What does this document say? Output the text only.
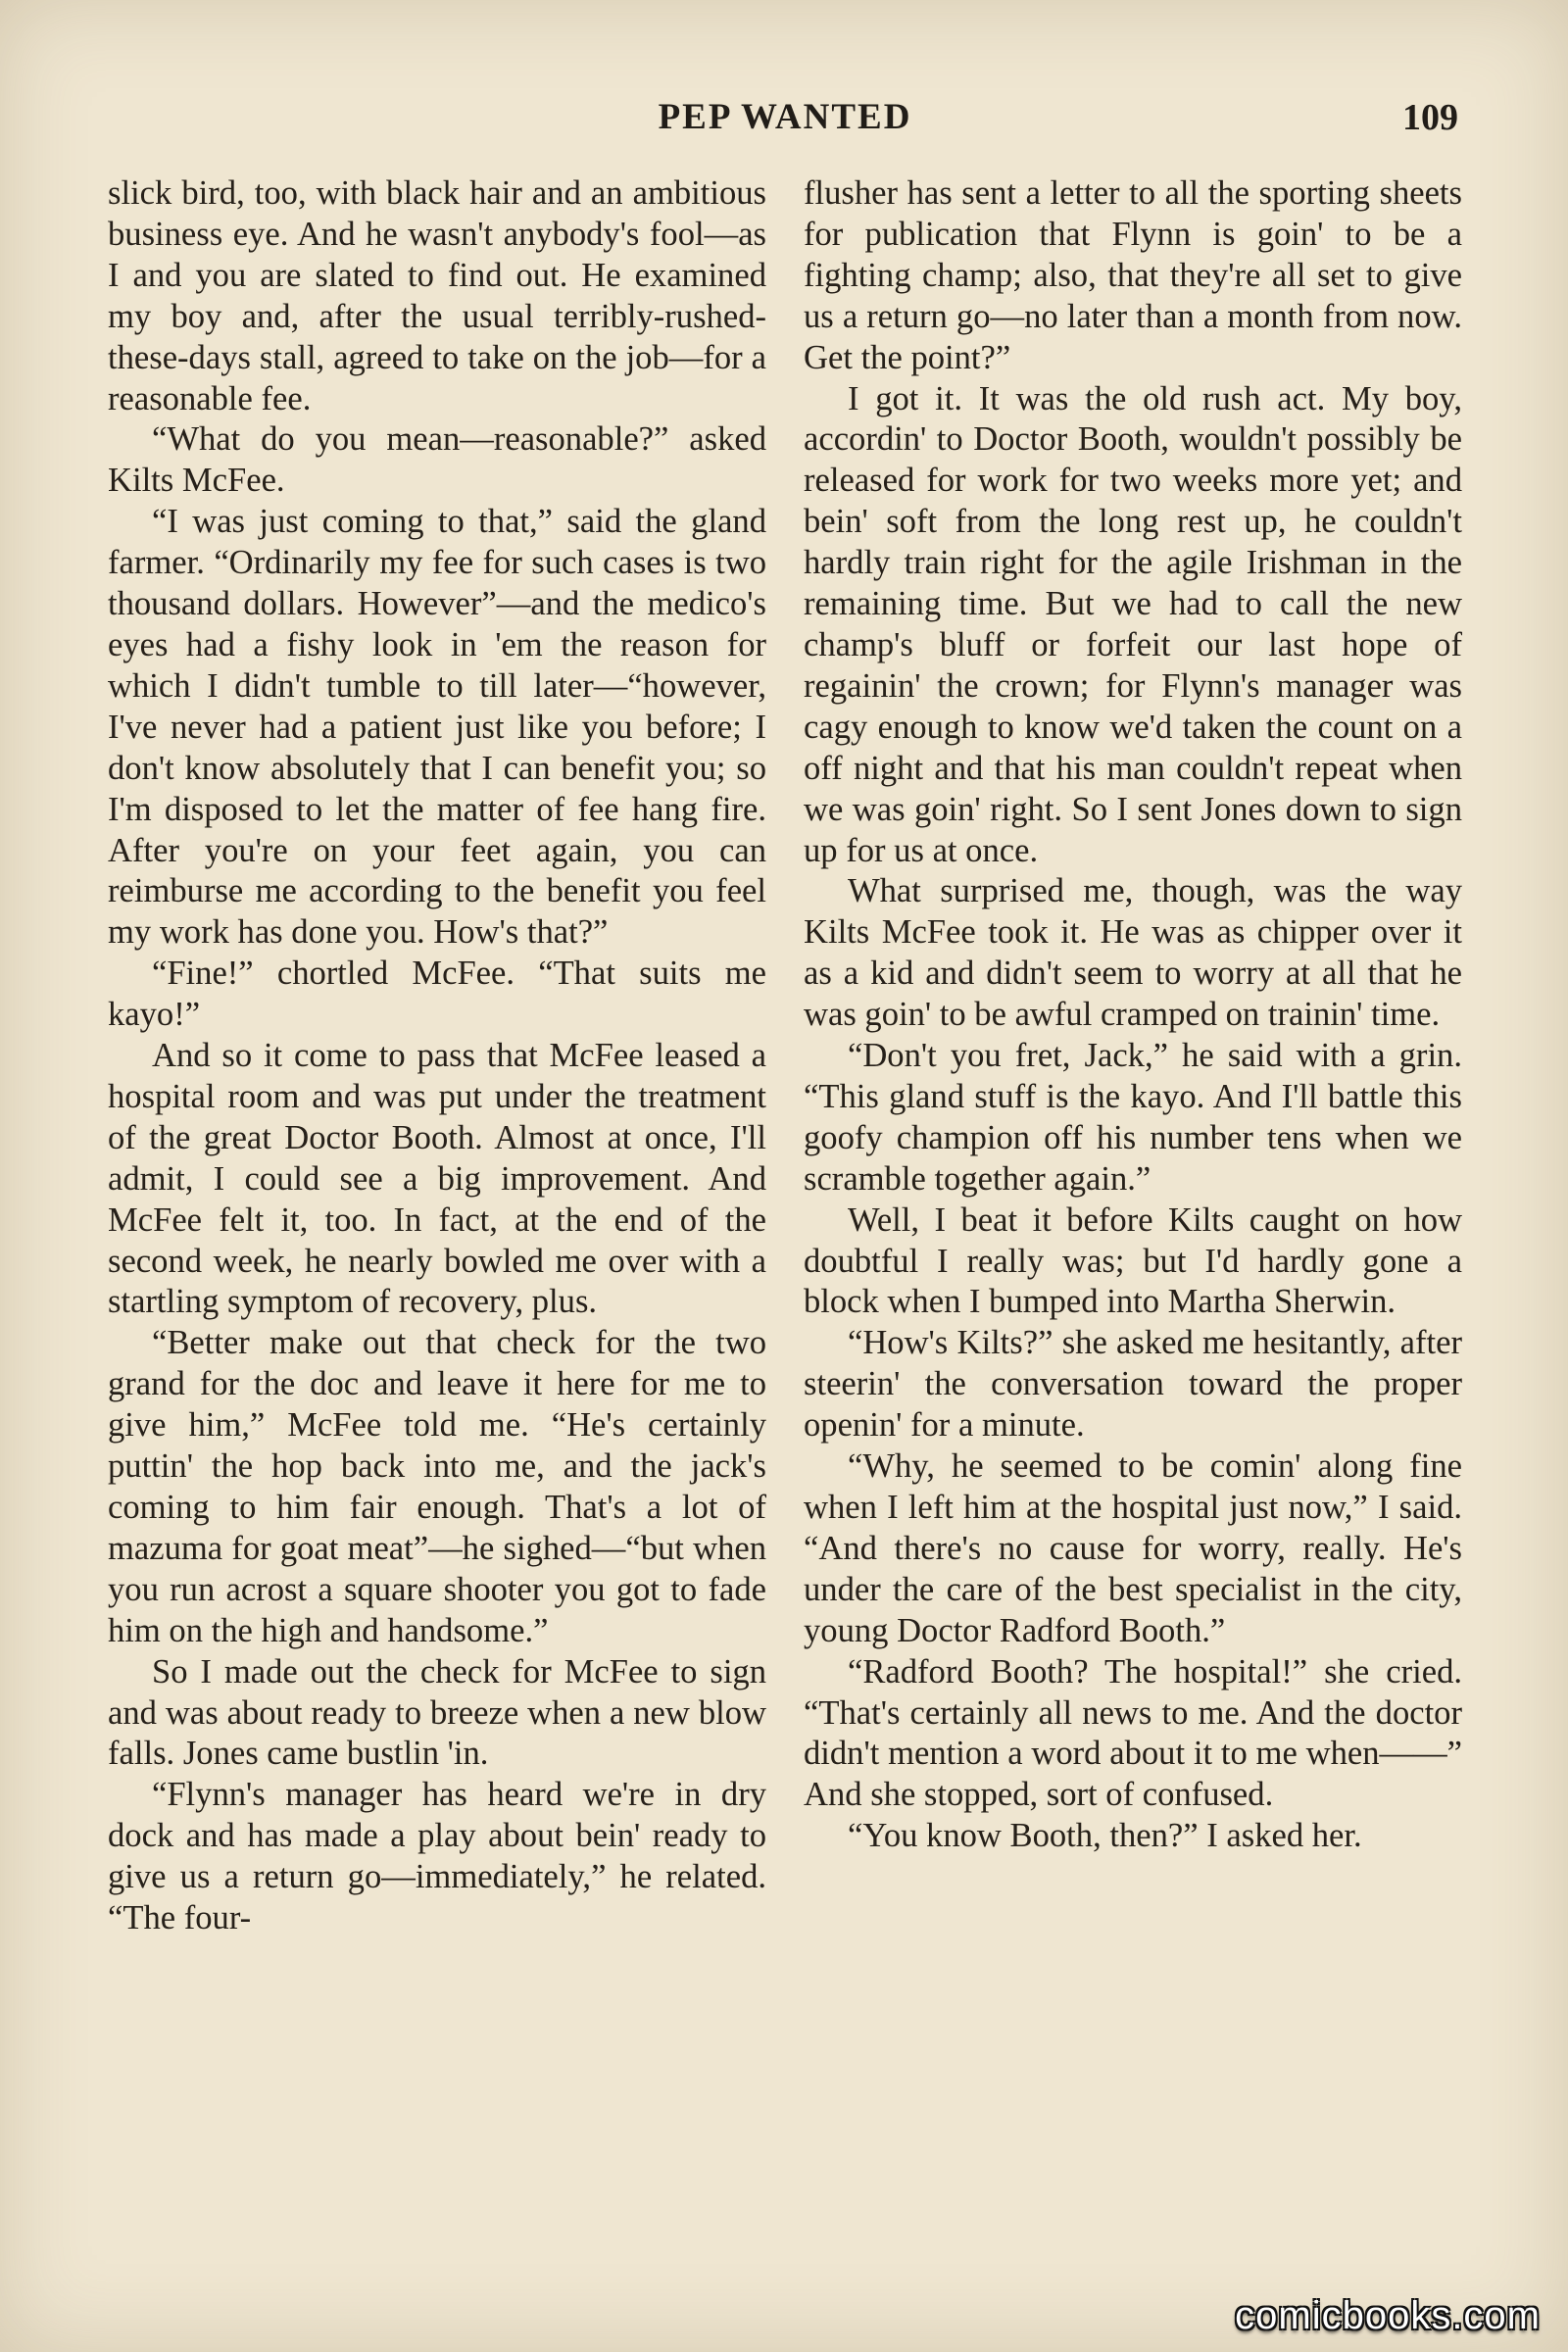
PEP WANTED	109

slick bird, too, with black hair and an ambitious business eye. And he wasn't anybody's fool—as I and you are slated to find out. He examined my boy and, after the usual terribly-rushed-these-days stall, agreed to take on the job—for a reasonable fee.

“What do you mean—reasonable?” asked Kilts McFee.

“I was just coming to that,” said the gland farmer. “Ordinarily my fee for such cases is two thousand dollars. However”—and the medico's eyes had a fishy look in 'em the reason for which I didn't tumble to till later—“however, I've never had a patient just like you before; I don't know absolutely that I can benefit you; so I'm disposed to let the matter of fee hang fire. After you're on your feet again, you can reimburse me according to the benefit you feel my work has done you. How's that?”

“Fine!” chortled McFee. “That suits me kayo!”

And so it come to pass that McFee leased a hospital room and was put under the treatment of the great Doctor Booth. Almost at once, I'll admit, I could see a big improvement. And McFee felt it, too. In fact, at the end of the second week, he nearly bowled me over with a startling symptom of recovery, plus.

“Better make out that check for the two grand for the doc and leave it here for me to give him,” McFee told me. “He's certainly puttin' the hop back into me, and the jack's coming to him fair enough. That's a lot of mazuma for goat meat”—he sighed—“but when you run acrost a square shooter you got to fade him on the high and handsome.”

So I made out the check for McFee to sign and was about ready to breeze when a new blow falls. Jones came bustlin 'in.

“Flynn's manager has heard we're in dry dock and has made a play about bein' ready to give us a return go—immediately,” he related. “The four-

flusher has sent a letter to all the sporting sheets for publication that Flynn is goin' to be a fighting champ; also, that they're all set to give us a return go—no later than a month from now. Get the point?”

I got it. It was the old rush act. My boy, accordin' to Doctor Booth, wouldn't possibly be released for work for two weeks more yet; and bein' soft from the long rest up, he couldn't hardly train right for the agile Irishman in the remaining time. But we had to call the new champ's bluff or forfeit our last hope of regainin' the crown; for Flynn's manager was cagy enough to know we'd taken the count on a off night and that his man couldn't repeat when we was goin' right. So I sent Jones down to sign up for us at once.

What surprised me, though, was the way Kilts McFee took it. He was as chipper over it as a kid and didn't seem to worry at all that he was goin' to be awful cramped on trainin' time.

“Don't you fret, Jack,” he said with a grin. “This gland stuff is the kayo. And I'll battle this goofy champion off his number tens when we scramble together again.”

Well, I beat it before Kilts caught on how doubtful I really was; but I'd hardly gone a block when I bumped into Martha Sherwin.

“How's Kilts?” she asked me hesitantly, after steerin' the conversation toward the proper openin' for a minute.

“Why, he seemed to be comin' along fine when I left him at the hospital just now,” I said. “And there's no cause for worry, really. He's under the care of the best specialist in the city, young Doctor Radford Booth.”

“Radford Booth? The hospital!” she cried. “That's certainly all news to me. And the doctor didn't mention a word about it to me when——” And she stopped, sort of confused.

“You know Booth, then?” I asked her.

comicbooks.com
